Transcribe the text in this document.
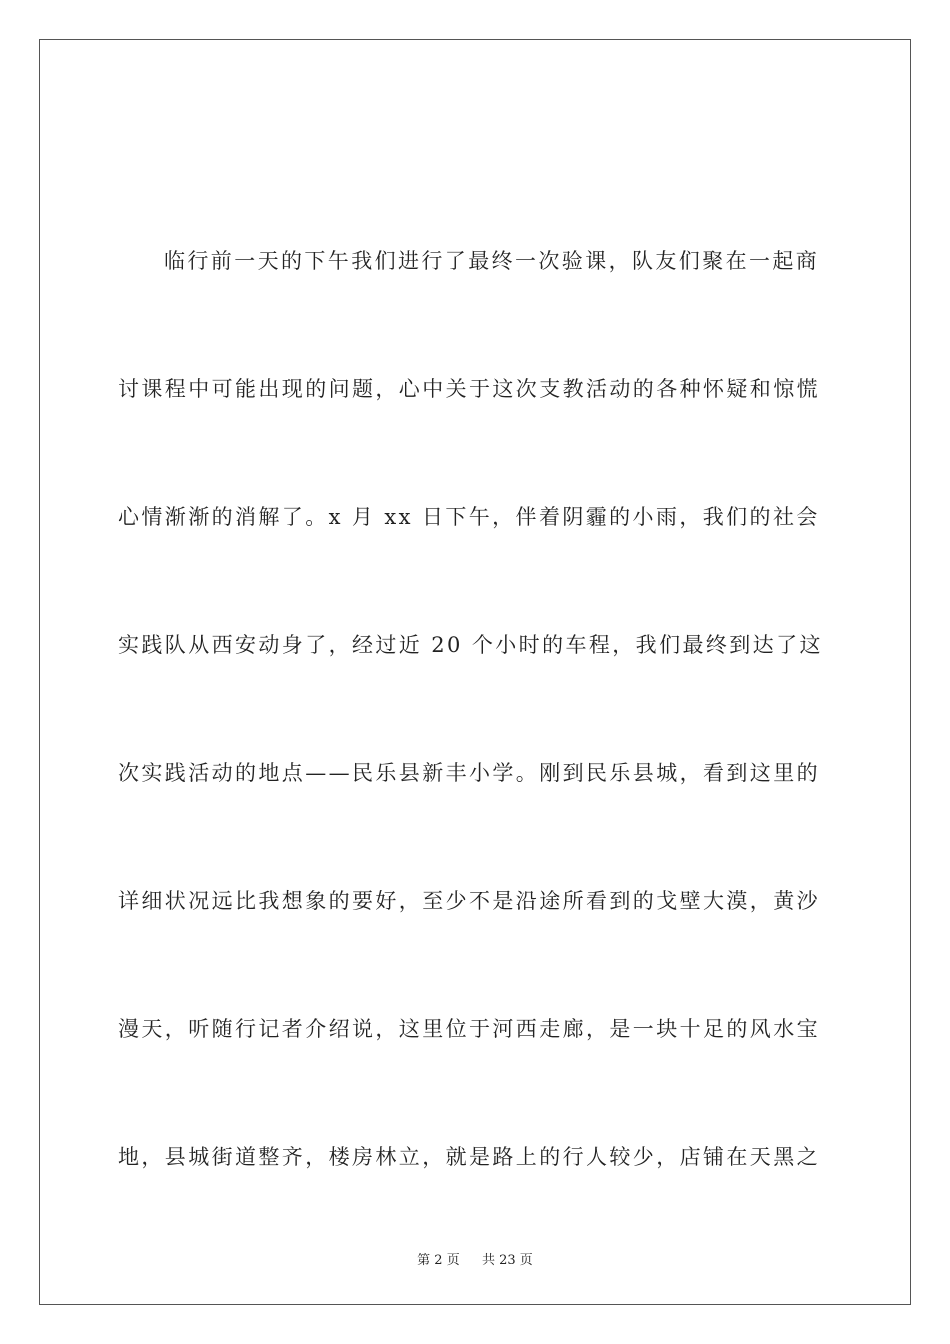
临行前一天的下午我们进行了最终一次验课，队友们聚在一起商
讨课程中可能出现的问题，心中关于这次支教活动的各种怀疑和惊慌
心情渐渐的消解了。x 月 xx 日下午，伴着阴霾的小雨，我们的社会
实践队从西安动身了，经过近 20 个小时的车程，我们最终到达了这
次实践活动的地点——民乐县新丰小学。刚到民乐县城，看到这里的
详细状况远比我想象的要好，至少不是沿途所看到的戈壁大漠，黄沙
漫天，听随行记者介绍说，这里位于河西走廊，是一块十足的风水宝
地，县城街道整齐，楼房林立，就是路上的行人较少，店铺在天黑之
第 2 页 共 23 页
